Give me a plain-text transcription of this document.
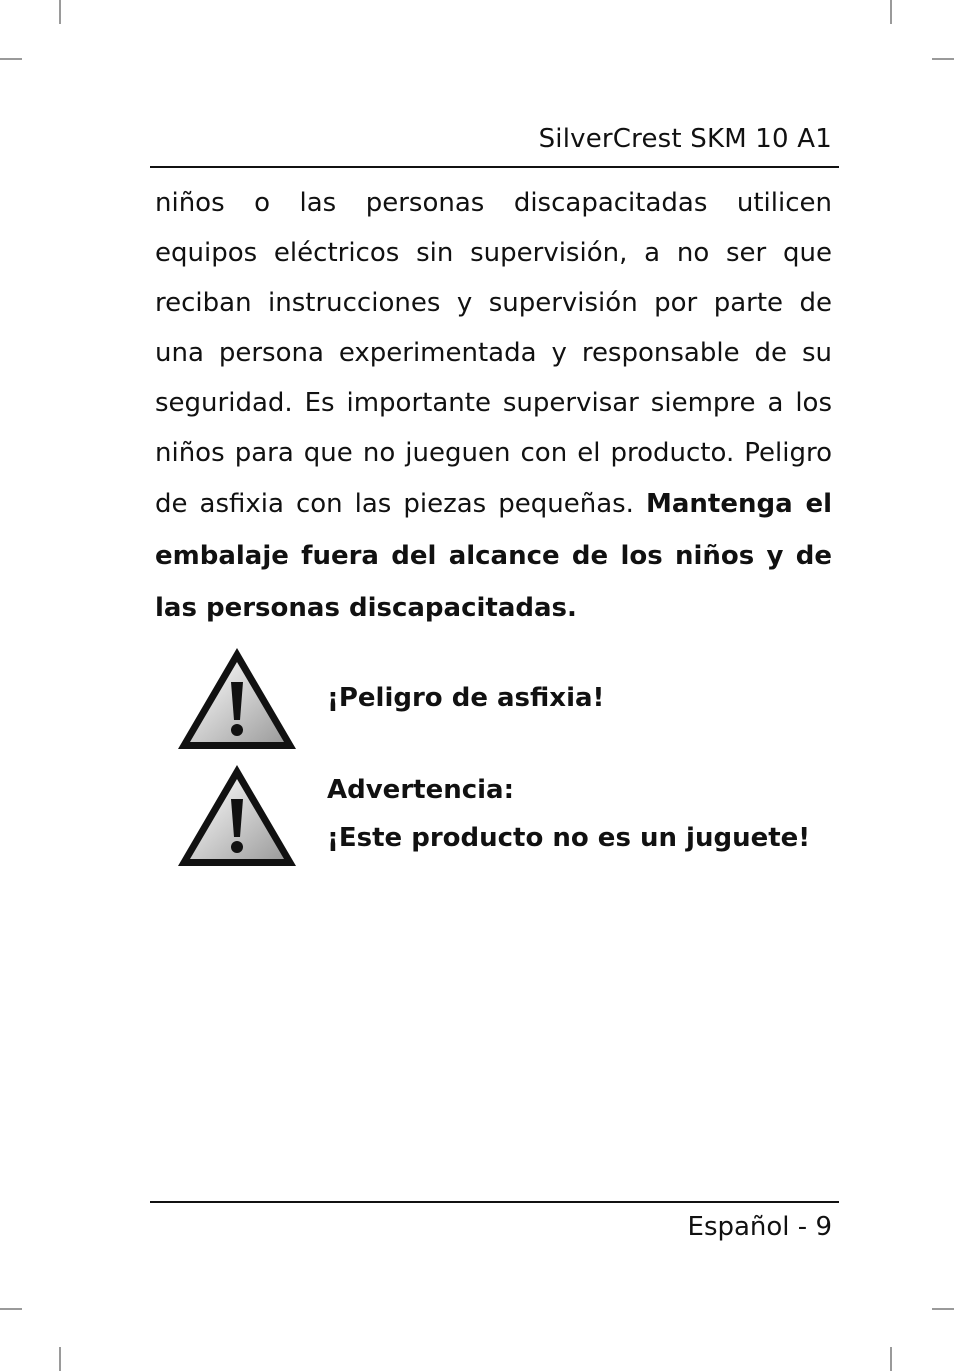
SilverCrest SKM 10 A1
niños o las personas discapacitadas utilicen equipos eléctricos sin supervisión, a no ser que reciban instrucciones y supervisión por parte de una persona experimentada y responsable de su seguridad. Es importante supervisar siempre a los niños para que no jueguen con el producto. Peligro de asfixia con las piezas pequeñas. Mantenga el embalaje fuera del alcance de los niños y de las personas discapacitadas.
¡Peligro de asfixia!
Advertencia:
¡Este producto no es un juguete!
Español - 9
